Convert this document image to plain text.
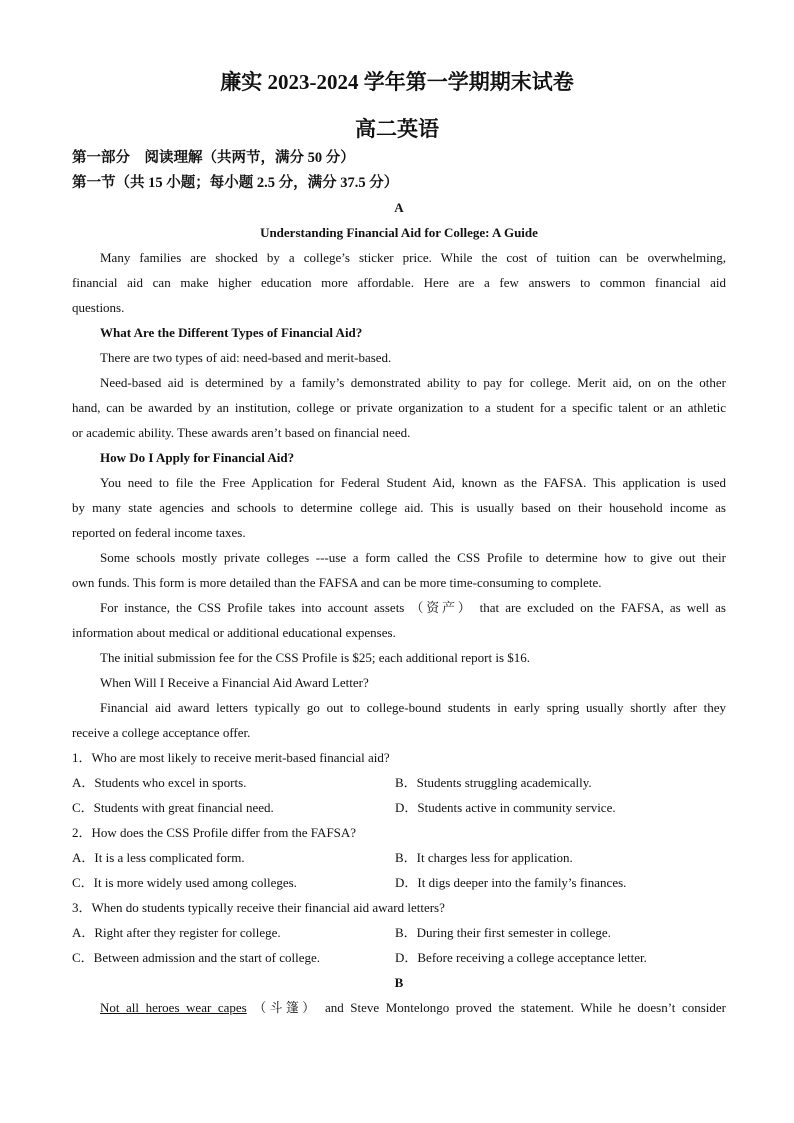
廉实 2023-2024 学年第一学期期末试卷
高二英语
第一部分　阅读理解（共两节，满分 50 分）
第一节（共 15 小题；每小题 2.5 分，满分 37.5 分）
A
Understanding Financial Aid for College: A Guide
Many families are shocked by a college’s sticker price. While the cost of tuition can be overwhelming,
financial aid can make higher education more affordable. Here are a few answers to common financial aid
questions.
What Are the Different Types of Financial Aid?
There are two types of aid: need-based and merit-based.
Need-based aid is determined by a family’s demonstrated ability to pay for college. Merit aid, on on the other
hand, can be awarded by an institution, college or private organization to a student for a specific talent or an athletic
or academic ability. These awards aren’t based on financial need.
How Do I Apply for Financial Aid?
You need to file the Free Application for Federal Student Aid, known as the FAFSA. This application is used
by many state agencies and schools to determine college aid. This is usually based on their household income as
reported on federal income taxes.
Some schools mostly private colleges ---use a form called the CSS Profile to determine how to give out their
own funds. This form is more detailed than the FAFSA and can be more time-consuming to complete.
For instance, the CSS Profile takes into account assets （资产） that are excluded on the FAFSA, as well as
information about medical or additional educational expenses.
The initial submission fee for the CSS Profile is $25; each additional report is $16.
When Will I Receive a Financial Aid Award Letter?
Financial aid award letters typically go out to college-bound students in early spring usually shortly after they
receive a college acceptance offer.
1．Who are most likely to receive merit-based financial aid?
A．Students who excel in sports.	B．Students struggling academically.
C．Students with great financial need.	D．Students active in community service.
2．How does the CSS Profile differ from the FAFSA?
A．It is a less complicated form.	B．It charges less for application.
C．It is more widely used among colleges.	D．It digs deeper into the family’s finances.
3．When do students typically receive their financial aid award letters?
A．Right after they register for college.	B．During their first semester in college.
C．Between admission and the start of college.	D．Before receiving a college acceptance letter.
B
Not all heroes wear capes （斗篷） and Steve Montelongo proved the statement. While he doesn’t consider
